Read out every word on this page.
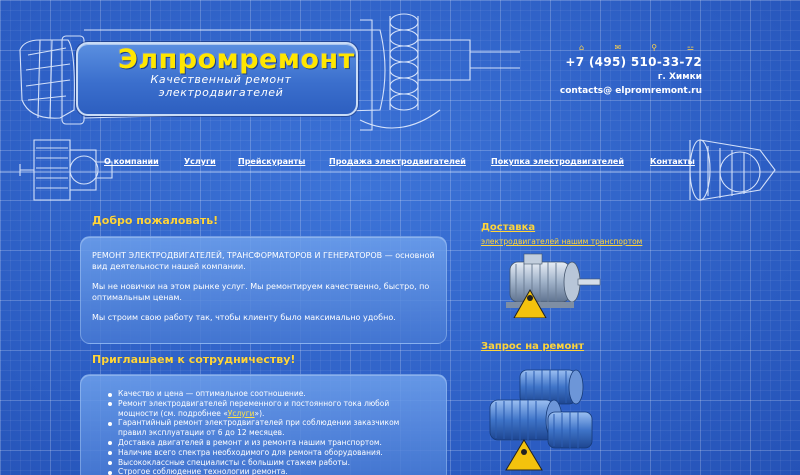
Элпромремонт
Качественный ремонт электродвигателей
⌂	✉	⚲	⚍
+7 (495) 510-33-72
г. Химки
contacts@ elpromremont.ru
О компании	Услуги	Прейскуранты	Продажа электродвигателей	Покупка электродвигателей	Контакты
Добро пожаловать!

РЕМОНТ ЭЛЕКТРОДВИГАТЕЛЕЙ, ТРАНСФОРМАТОРОВ И ГЕНЕРАТОРОВ — основной вид деятельности нашей компании.

Мы не новички на этом рынке услуг. Мы ремонтируем качественно, быстро, по оптимальным ценам.

Мы строим свою работу так, чтобы клиенту было максимально удобно.

Приглашаем к сотрудничеству!
Качество и цена — оптимальное соотношение.
Ремонт электродвигателей переменного и постоянного тока любой мощности (см. подробнее «Услуги»).
Гарантийный ремонт электродвигателей при соблюдении заказчиком правил эксплуатации от 6 до 12 месяцев.
Доставка двигателей в ремонт и из ремонта нашим транспортом.
Наличие всего спектра необходимого для ремонта оборудования.
Высококлассные специалисты с большим стажем работы.
Строгое соблюдение технологии ремонта.
Доставка
электродвигателей нашим транспортом
Запрос на ремонт
